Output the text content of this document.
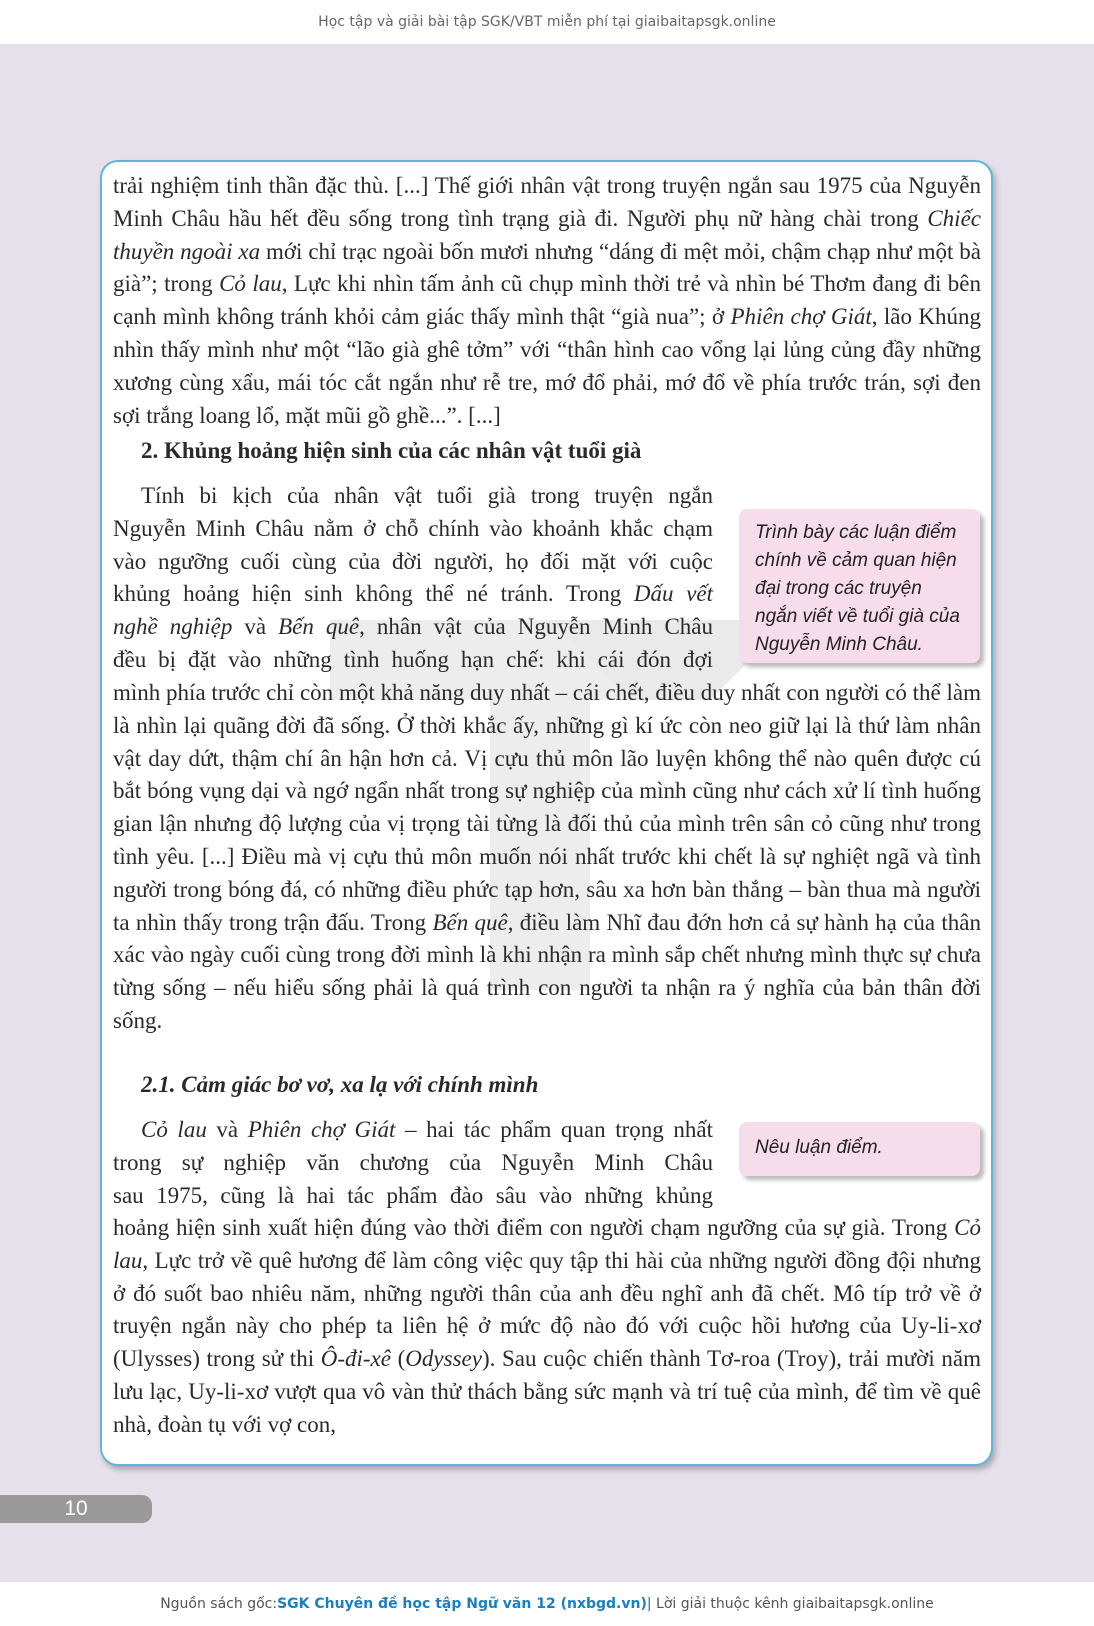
Học tập và giải bài tập SGK/VBT miễn phí tại giaibaitapsgk.online

trải nghiệm tinh thần đặc thù. [...] Thế giới nhân vật trong truyện ngắn sau 1975 của Nguyễn Minh Châu hầu hết đều sống trong tình trạng già đi. Người phụ nữ hàng chài trong Chiếc thuyền ngoài xa mới chỉ trạc ngoài bốn mươi nhưng “dáng đi mệt mỏi, chậm chạp như một bà già”; trong Cỏ lau, Lực khi nhìn tấm ảnh cũ chụp mình thời trẻ và nhìn bé Thơm đang đi bên cạnh mình không tránh khỏi cảm giác thấy mình thật “già nua”; ở Phiên chợ Giát, lão Khúng nhìn thấy mình như một “lão già ghê tởm” với “thân hình cao vổng lại lủng củng đầy những xương cùng xẩu, mái tóc cắt ngắn như rễ tre, mớ đổ phải, mớ đổ về phía trước trán, sợi đen sợi trắng loang lổ, mặt mũi gồ ghề...”. [...]

2. Khủng hoảng hiện sinh của các nhân vật tuổi già

Tính bi kịch của nhân vật tuổi già trong truyện ngắn

Nguyễn Minh Châu nằm ở chỗ chính vào khoảnh khắc chạm

vào ngưỡng cuối cùng của đời người, họ đối mặt với cuộc

khủng hoảng hiện sinh không thể né tránh. Trong Dấu vết

nghề nghiệp và Bến quê, nhân vật của Nguyễn Minh Châu

đều bị đặt vào những tình huống hạn chế: khi cái đón đợi

mình phía trước chỉ còn một khả năng duy nhất – cái chết, điều duy nhất con người có thể làm là nhìn lại quãng đời đã sống. Ở thời khắc ấy, những gì kí ức còn neo giữ lại là thứ làm nhân vật day dứt, thậm chí ân hận hơn cả. Vị cựu thủ môn lão luyện không thể nào quên được cú bắt bóng vụng dại và ngớ ngẩn nhất trong sự nghiệp của mình cũng như cách xử lí tình huống gian lận nhưng độ lượng của vị trọng tài từng là đối thủ của mình trên sân cỏ cũng như trong tình yêu. [...] Điều mà vị cựu thủ môn muốn nói nhất trước khi chết là sự nghiệt ngã và tình người trong bóng đá, có những điều phức tạp hơn, sâu xa hơn bàn thắng – bàn thua mà người ta nhìn thấy trong trận đấu. Trong Bến quê, điều làm Nhĩ đau đớn hơn cả sự hành hạ của thân xác vào ngày cuối cùng trong đời mình là khi nhận ra mình sắp chết nhưng mình thực sự chưa từng sống – nếu hiểu sống phải là quá trình con người ta nhận ra ý nghĩa của bản thân đời sống.

Trình bày các luận điểm chính về cảm quan hiện đại trong các truyện ngắn viết về tuổi già của Nguyễn Minh Châu.
2.1. Cảm giác bơ vơ, xa lạ với chính mình

Cỏ lau và Phiên chợ Giát – hai tác phẩm quan trọng nhất

trong sự nghiệp văn chương của Nguyễn Minh Châu

sau 1975, cũng là hai tác phẩm đào sâu vào những khủng

hoảng hiện sinh xuất hiện đúng vào thời điểm con người chạm ngưỡng của sự già. Trong Cỏ lau, Lực trở về quê hương để làm công việc quy tập thi hài của những người đồng đội nhưng ở đó suốt bao nhiêu năm, những người thân của anh đều nghĩ anh đã chết. Mô típ trở về ở truyện ngắn này cho phép ta liên hệ ở mức độ nào đó với cuộc hồi hương của Uy-li-xơ (Ulysses) trong sử thi Ô-đi-xê (Odyssey). Sau cuộc chiến thành Tơ-roa (Troy), trải mười năm lưu lạc, Uy-li-xơ vượt qua vô vàn thử thách bằng sức mạnh và trí tuệ của mình, để tìm về quê nhà, đoàn tụ với vợ con,

Nêu luận điểm.
10
Nguồn sách gốc: SGK Chuyên đề học tập Ngữ văn 12 (nxbgd.vn) | Lời giải thuộc kênh giaibaitapsgk.online
